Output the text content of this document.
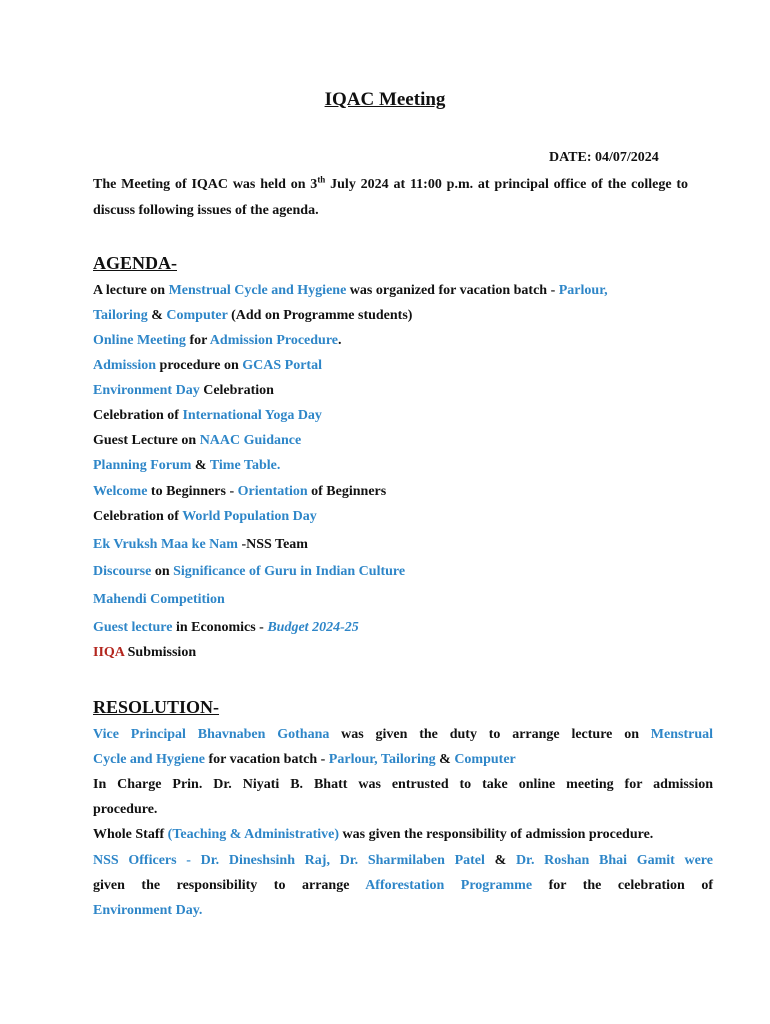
IQAC Meeting
DATE: 04/07/2024
The Meeting of IQAC was held on 3th July 2024 at 11:00 p.m. at principal office of the college to discuss following issues of the agenda.
AGENDA-
A lecture on Menstrual Cycle and Hygiene was organized for vacation batch - Parlour,
Tailoring & Computer (Add on Programme students)
Online Meeting for Admission Procedure.
Admission procedure on GCAS Portal
Environment Day Celebration
Celebration of International Yoga Day
Guest Lecture on NAAC Guidance
Planning Forum & Time Table.
Welcome to Beginners - Orientation of Beginners
Celebration of World Population Day
Ek Vruksh Maa ke Nam -NSS Team
Discourse on Significance of Guru in Indian Culture
Mahendi Competition
Guest lecture in Economics - Budget 2024-25
IIQA Submission
RESOLUTION-
Vice Principal Bhavnaben Gothana was given the duty to arrange lecture on Menstrual
Cycle and Hygiene for vacation batch - Parlour, Tailoring & Computer
In Charge Prin. Dr. Niyati B. Bhatt was entrusted to take online meeting for admission
procedure.
Whole Staff (Teaching & Administrative) was given the responsibility of admission procedure.
NSS Officers - Dr. Dineshsinh Raj, Dr. Sharmilaben Patel & Dr. Roshan Bhai Gamit were
given the responsibility to arrange Afforestation Programme for the celebration of
Environment Day.
